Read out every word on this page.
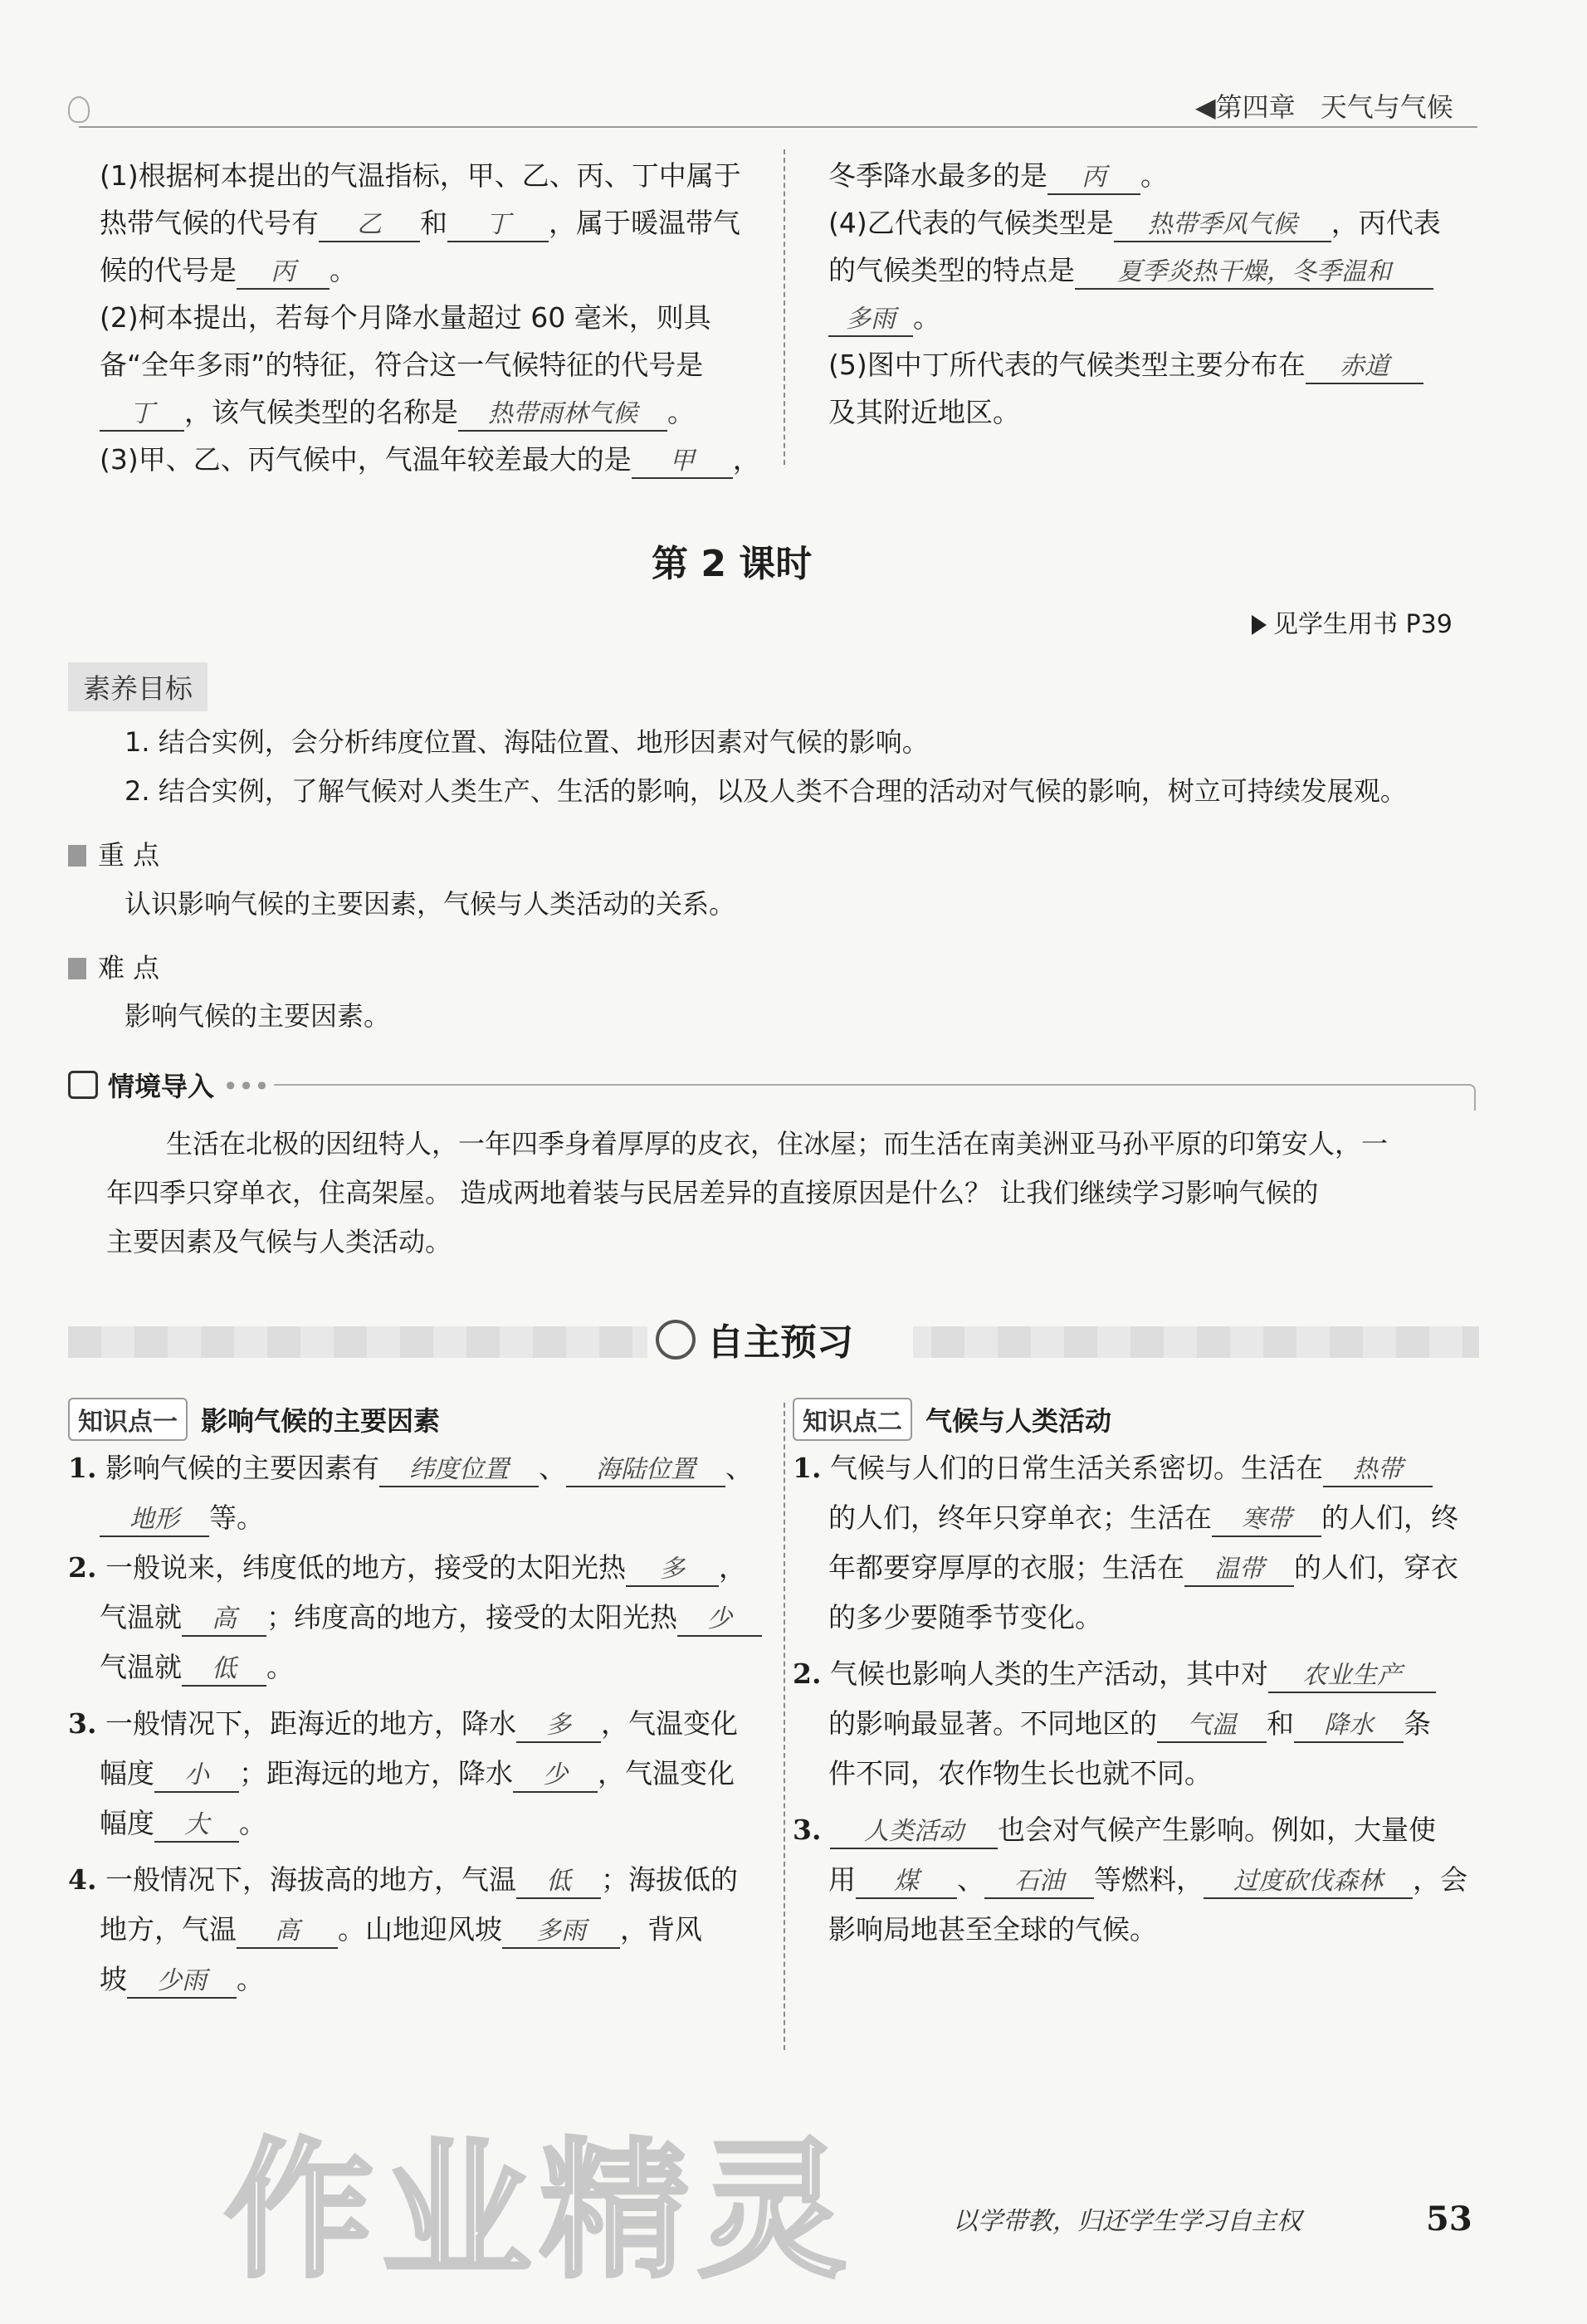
◀第四章 天气与气候
(1)根据柯本提出的气温指标，甲、乙、丙、丁中属于
热带气候的代号有 乙 和 丁 ，属于暖温带气
候的代号是 丙 。
(2)柯本提出，若每个月降水量超过 60 毫米，则具
备“全年多雨”的特征，符合这一气候特征的代号是
丁 ，该气候类型的名称是 热带雨林气候 。
(3)甲、乙、丙气候中，气温年较差最大的是 甲 ，
冬季降水最多的是 丙 。
(4)乙代表的气候类型是 热带季风气候 ，丙代表
的气候类型的特点是 夏季炎热干燥，冬季温和
多雨 。
(5)图中丁所代表的气候类型主要分布在 赤道
及其附近地区。
第 2 课时
见学生用书 P39
素养目标
1. 结合实例，会分析纬度位置、海陆位置、地形因素对气候的影响。
2. 结合实例，了解气候对人类生产、生活的影响，以及人类不合理的活动对气候的影响，树立可持续发展观。
重 点
认识影响气候的主要因素，气候与人类活动的关系。
难 点
影响气候的主要因素。
情境导入 •••
生活在北极的因纽特人，一年四季身着厚厚的皮衣，住冰屋；而生活在南美洲亚马孙平原的印第安人，一
年四季只穿单衣，住高架屋。 造成两地着装与民居差异的直接原因是什么？ 让我们继续学习影响气候的
主要因素及气候与人类活动。
自主预习
知识点一 影响气候的主要因素	知识点二 气候与人类活动
1. 影响气候的主要因素有 纬度位置 、 海陆位置 、
地形 等。
2. 一般说来，纬度低的地方，接受的太阳光热 多 ，
气温就 高 ；纬度高的地方，接受的太阳光热 少
气温就 低 。
3. 一般情况下，距海近的地方，降水 多 ，气温变化
幅度 小 ；距海远的地方，降水 少 ，气温变化
幅度 大 。
4. 一般情况下，海拔高的地方，气温 低 ；海拔低的
地方，气温 高 。山地迎风坡 多雨 ，背风
坡 少雨 。
1. 气候与人们的日常生活关系密切。生活在 热带
的人们，终年只穿单衣；生活在 寒带 的人们，终
年都要穿厚厚的衣服；生活在 温带 的人们，穿衣
的多少要随季节变化。
2. 气候也影响人类的生产活动，其中对 农业生产
的影响最显著。不同地区的 气温 和 降水 条
件不同，农作物生长也就不同。
3. 人类活动 也会对气候产生影响。例如，大量使
用 煤 、 石油 等燃料， 过度砍伐森林 ，会
影响局地甚至全球的气候。
作业精灵	以学带教，归还学生学习自主权	53
